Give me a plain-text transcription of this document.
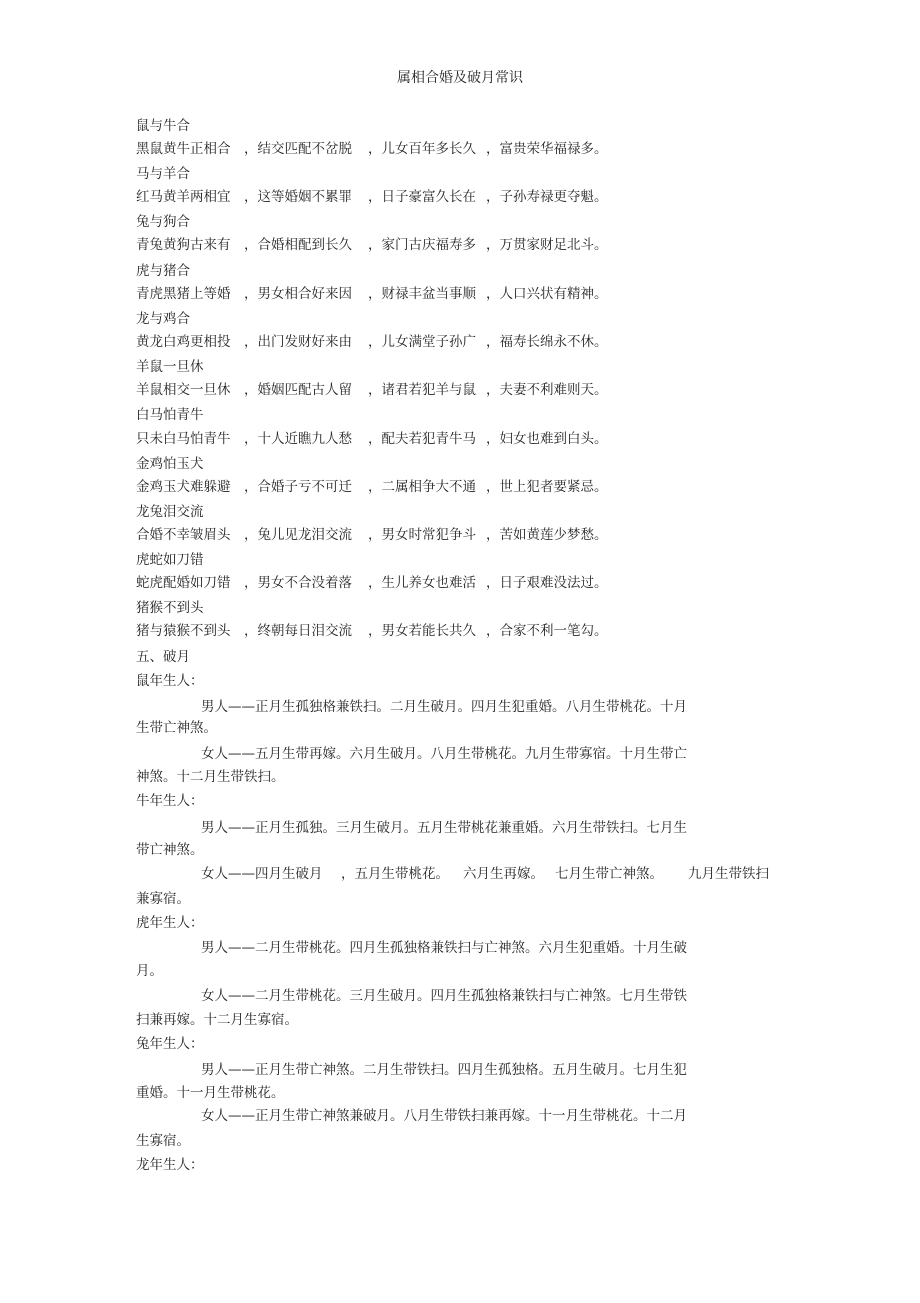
属相合婚及破月常识
鼠与牛合
黑鼠黄牛正相合 ，结交匹配不岔脱 ，儿女百年多长久 ，富贵荣华福禄多。
马与羊合
红马黄羊两相宜 ，这等婚姻不累罪 ，日子豪富久长在 ，子孙寿禄更夺魁。
兔与狗合
青兔黄狗古来有 ，合婚相配到长久 ，家门古庆福寿多 ，万贯家财足北斗。
虎与猪合
青虎黑猪上等婚 ，男女相合好来因 ，财禄丰盆当事顺 ，人口兴状有精神。
龙与鸡合
黄龙白鸡更相投 ，出门发财好来由 ，儿女满堂子孙广 ，福寿长绵永不休。
羊鼠一旦休
羊鼠相交一旦休 ，婚姻匹配古人留 ，诸君若犯羊与鼠 ，夫妻不利难则天。
白马怕青牛
只未白马怕青牛 ，十人近瞧九人愁 ，配夫若犯青牛马 ，妇女也难到白头。
金鸡怕玉犬
金鸡玉犬难躲避 ，合婚子亏不可迁 ，二属相争大不通 ，世上犯者要紧忌。
龙兔泪交流
合婚不幸皱眉头 ，兔儿见龙泪交流 ，男女时常犯争斗 ，苦如黄莲少梦愁。
虎蛇如刀错
蛇虎配婚如刀错 ，男女不合没着落 ，生儿养女也难活 ，日子艰难没法过。
猪猴不到头
猪与猿猴不到头 ，终朝每日泪交流 ，男女若能长共久 ，合家不利一笔勾。
五、破月
鼠年生人：
男人——正月生孤独格兼铁扫。二月生破月。四月生犯重婚。八月生带桃花。十月
生带亡神煞。
女人——五月生带再嫁。六月生破月。八月生带桃花。九月生带寡宿。十月生带亡
神煞。十二月生带铁扫。
牛年生人：
男人——正月生孤独。三月生破月。五月生带桃花兼重婚。六月生带铁扫。七月生
带亡神煞。
女人——四月生破月 ，五月生带桃花。 六月生再嫁。 七月生带亡神煞。 九月生带铁扫
兼寡宿。
虎年生人：
男人——二月生带桃花。四月生孤独格兼铁扫与亡神煞。六月生犯重婚。十月生破
月。
女人——二月生带桃花。三月生破月。四月生孤独格兼铁扫与亡神煞。七月生带铁
扫兼再嫁。十二月生寡宿。
兔年生人：
男人——正月生带亡神煞。二月生带铁扫。四月生孤独格。五月生破月。七月生犯
重婚。十一月生带桃花。
女人——正月生带亡神煞兼破月。八月生带铁扫兼再嫁。十一月生带桃花。十二月
生寡宿。
龙年生人：
